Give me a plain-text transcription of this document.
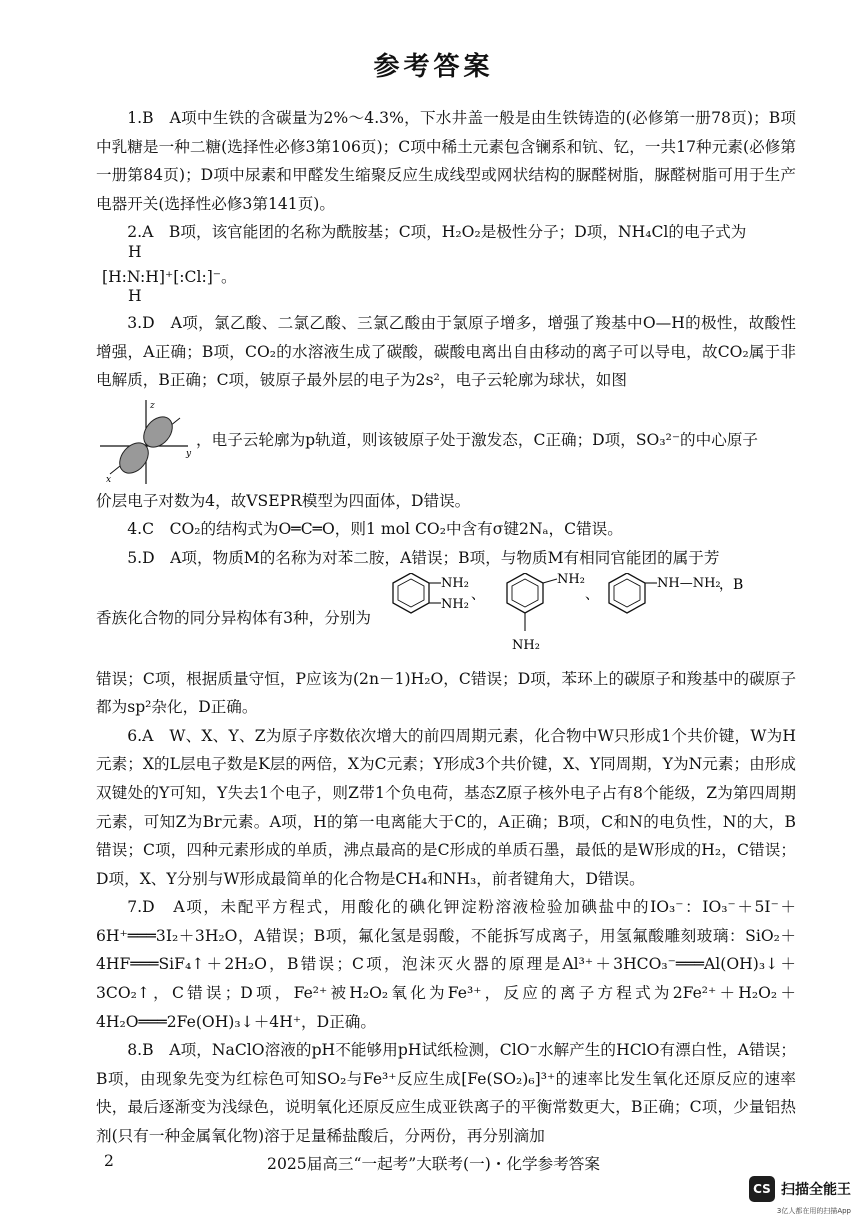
参考答案

1.B　A项中生铁的含碳量为2%～4.3%，下水井盖一般是由生铁铸造的(必修第一册78页)；B项中乳糖是一种二糖(选择性必修3第106页)；C项中稀土元素包含镧系和钪、钇，一共17种元素(必修第一册第84页)；D项中尿素和甲醛发生缩聚反应生成线型或网状结构的脲醛树脂，脲醛树脂可用于生产电器开关(选择性必修3第141页)。

2.A　B项，该官能团的名称为酰胺基；C项，H₂O₂是极性分子；D项，NH₄Cl的电子式为

H
[H:N:H]⁺[:Cl:]⁻。
H

3.D　A项，氯乙酸、二氯乙酸、三氯乙酸由于氯原子增多，增强了羧基中O—H的极性，故酸性增强，A正确；B项，CO₂的水溶液生成了碳酸，碳酸电离出自由移动的离子可以导电，故CO₂属于非电解质，B正确；C项，铍原子最外层的电子为2s²，电子云轮廓为球状，如图

z
y
x

，电子云轮廓为p轨道，则该铍原子处于激发态，C正确；D项，SO₃²⁻的中心原子

价层电子对数为4，故VSEPR模型为四面体，D错误。

4.C　CO₂的结构式为O═C═O，则1 mol CO₂中含有σ键2Nₐ，C错误。

5.D　A项，物质M的名称为对苯二胺，A错误；B项，与物质M有相同官能团的属于芳

香族化合物的同分异构体有3种，分别为

NH₂
NH₂
、
NH₂
NH₂
、
NH—NH₂
，B

错误；C项，根据质量守恒，P应该为(2n－1)H₂O，C错误；D项，苯环上的碳原子和羧基中的碳原子都为sp²杂化，D正确。

6.A　W、X、Y、Z为原子序数依次增大的前四周期元素，化合物中W只形成1个共价键，W为H元素；X的L层电子数是K层的两倍，X为C元素；Y形成3个共价键，X、Y同周期，Y为N元素；由形成双键处的Y可知，Y失去1个电子，则Z带1个负电荷，基态Z原子核外电子占有8个能级，Z为第四周期元素，可知Z为Br元素。A项，H的第一电离能大于C的，A正确；B项，C和N的电负性，N的大，B错误；C项，四种元素形成的单质，沸点最高的是C形成的单质石墨，最低的是W形成的H₂，C错误；D项，X、Y分别与W形成最简单的化合物是CH₄和NH₃，前者键角大，D错误。

7.D　A项，未配平方程式，用酸化的碘化钾淀粉溶液检验加碘盐中的IO₃⁻：IO₃⁻＋5I⁻＋6H⁺═══3I₂＋3H₂O，A错误；B项，氟化氢是弱酸，不能拆写成离子，用氢氟酸雕刻玻璃：SiO₂＋4HF═══SiF₄↑＋2H₂O，B错误；C项，泡沫灭火器的原理是Al³⁺＋3HCO₃⁻═══Al(OH)₃↓＋3CO₂↑，C错误；D项，Fe²⁺被H₂O₂氧化为Fe³⁺，反应的离子方程式为2Fe²⁺＋H₂O₂＋4H₂O═══2Fe(OH)₃↓＋4H⁺，D正确。

8.B　A项，NaClO溶液的pH不能够用pH试纸检测，ClO⁻水解产生的HClO有漂白性，A错误；B项，由现象先变为红棕色可知SO₂与Fe³⁺反应生成[Fe(SO₂)₆]³⁺的速率比发生氧化还原反应的速率快，最后逐渐变为浅绿色，说明氧化还原反应生成亚铁离子的平衡常数更大，B正确；C项，少量铝热剂(只有一种金属氧化物)溶于足量稀盐酸后，分两份，再分别滴加

2	2025届高三“一起考”大联考(一)・化学参考答案
CS 扫描全能王
3亿人都在用的扫描App
